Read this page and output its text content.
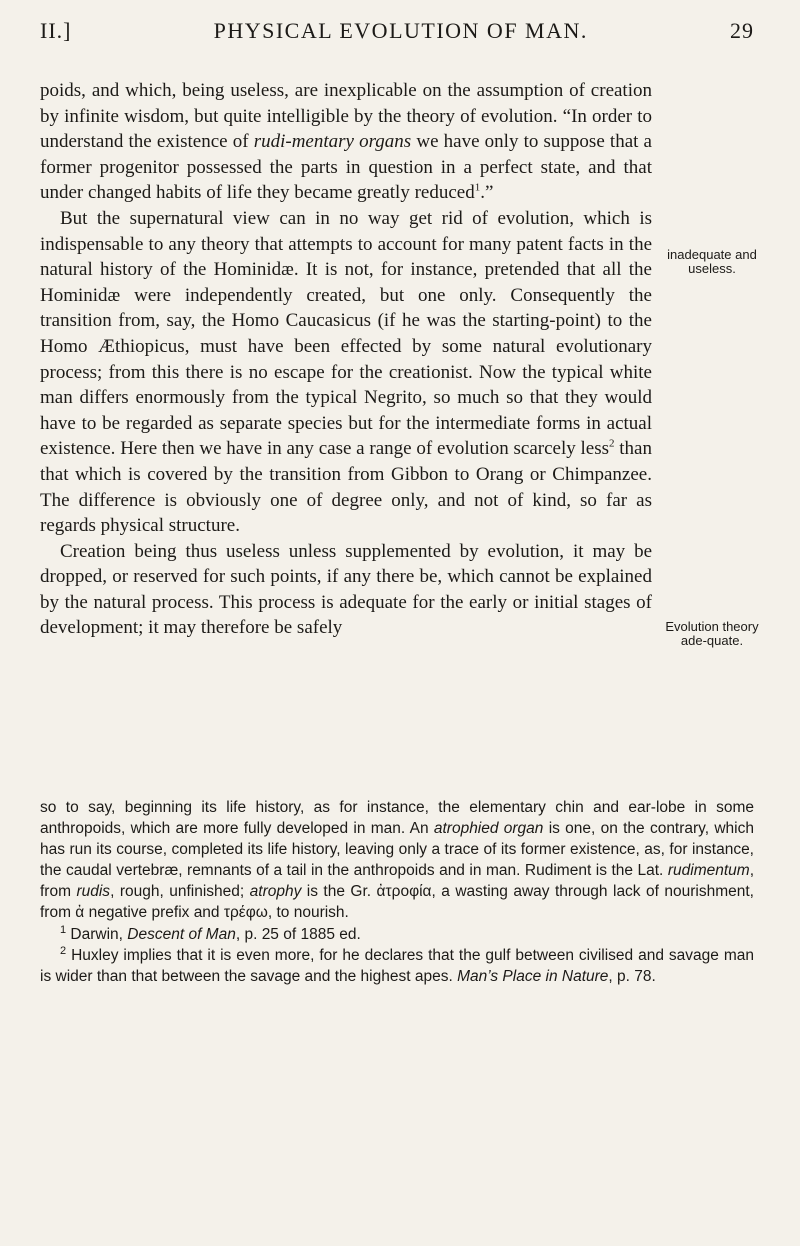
II.]	PHYSICAL EVOLUTION OF MAN.	29

poids, and which, being useless, are inexplicable on the assumption of creation by infinite wisdom, but quite intelligible by the theory of evolution. “In order to understand the existence of rudi-mentary organs we have only to suppose that a former progenitor possessed the parts in question in a perfect state, and that under changed habits of life they became greatly reduced$^1$.”

But the supernatural view can in no way get rid of evolution, which is indispensable to any theory that attempts to account for many patent facts in the natural history of the Hominidæ. It is not, for instance, pretended that all the Hominidæ were independently created, but one only. Consequently the transition from, say, the Homo Caucasicus (if he was the starting-point) to the Homo Æthiopicus, must have been effected by some natural evolutionary process; from this there is no escape for the creationist. Now the typical white man differs enormously from the typical Negrito, so much so that they would have to be regarded as separate species but for the intermediate forms in actual existence. Here then we have in any case a range of evolution scarcely less$^2$ than that which is covered by the transition from Gibbon to Orang or Chimpanzee. The difference is obviously one of degree only, and not of kind, so far as regards physical structure.

Creation being thus useless unless supplemented by evolution, it may be dropped, or reserved for such points, if any there be, which cannot be explained by the natural process. This process is adequate for the early or initial stages of development; it may therefore be safely

inadequate and useless.
Evolution theory ade-quate.

so to say, beginning its life history, as for instance, the elementary chin and ear-lobe in some anthropoids, which are more fully developed in man. An atrophied organ is one, on the contrary, which has run its course, completed its life history, leaving only a trace of its former existence, as, for instance, the caudal vertebræ, remnants of a tail in the anthropoids and in man. Rudiment is the Lat. rudimentum, from rudis, rough, unfinished; atrophy is the Gr. ἀτροφία, a wasting away through lack of nourishment, from ἀ negative prefix and τρέφω, to nourish.

$^1$ Darwin, Descent of Man, p. 25 of 1885 ed.

$^2$ Huxley implies that it is even more, for he declares that the gulf between civilised and savage man is wider than that between the savage and the highest apes. Man’s Place in Nature, p. 78.
